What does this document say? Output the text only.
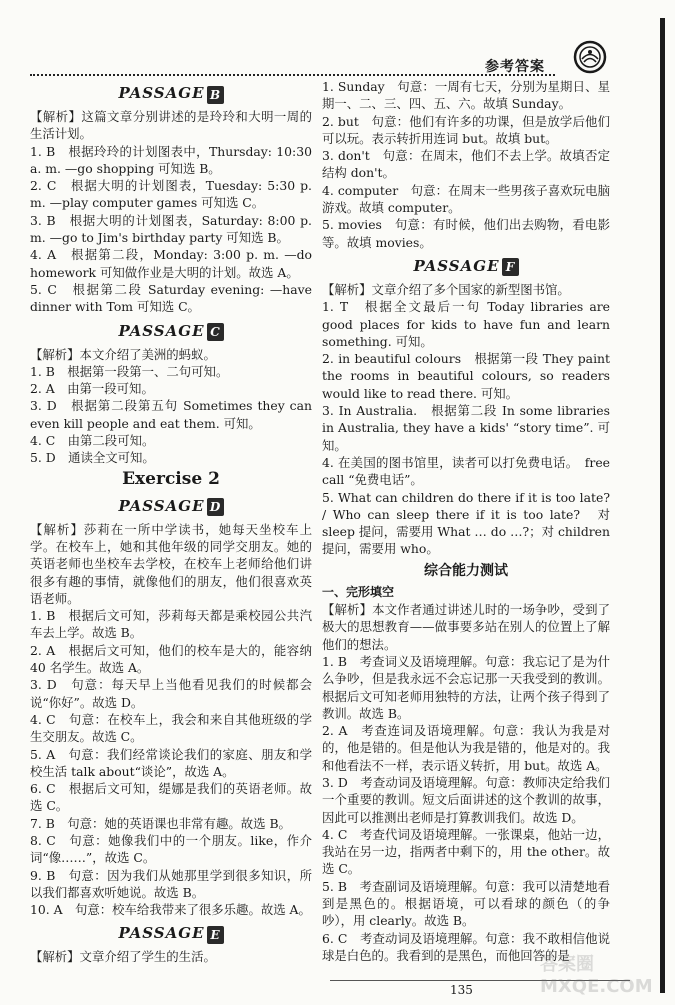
参考答案
PASSAGE B

【解析】这篇文章分别讲述的是玲玲和大明一周的生活计划。

1. B　根据玲玲的计划图表中，Thursday: 10:30 a. m. —go shopping 可知选 B。

2. C　根据大明的计划图表，Tuesday: 5:30 p. m. —play computer games 可知选 C。

3. B　根据大明的计划图表，Saturday: 8:00 p. m. —go to Jim's birthday party 可知选 B。

4. A　根据第二段，Monday: 3:00 p. m. —do homework 可知做作业是大明的计划。故选 A。

5. C　根据第二段 Saturday evening: —have dinner with Tom 可知选 C。

PASSAGE C

【解析】本文介绍了美洲的蚂蚁。

1. B　根据第一段第一、二句可知。

2. A　由第一段可知。

3. D　根据第二段第五句 Sometimes they can even kill people and eat them. 可知。

4. C　由第二段可知。

5. D　通读全文可知。

Exercise 2
PASSAGE D

【解析】莎莉在一所中学读书，她每天坐校车上学。在校车上，她和其他年级的同学交朋友。她的英语老师也坐校车去学校，在校车上老师给他们讲很多有趣的事情，就像他们的朋友，他们很喜欢英语老师。

1. B　根据后文可知，莎莉每天都是乘校园公共汽车去上学。故选 B。

2. A　根据后文可知，他们的校车是大的，能容纳 40 名学生。故选 A。

3. D　句意：每天早上当他看见我们的时候都会说“你好”。故选 D。

4. C　句意：在校车上，我会和来自其他班级的学生交朋友。故选 C。

5. A　句意：我们经常谈论我们的家庭、朋友和学校生活 talk about“谈论”，故选 A。

6. C　根据后文可知，缇娜是我们的英语老师。故选 C。

7. B　句意：她的英语课也非常有趣。故选 B。

8. C　句意：她像我们中的一个朋友。like，作介词“像……”，故选 C。

9. B　句意：因为我们从她那里学到很多知识，所以我们都喜欢听她说。故选 B。

10. A　句意：校车给我带来了很多乐趣。故选 A。

PASSAGE E

【解析】文章介绍了学生的生活。

1. Sunday　句意：一周有七天，分别为星期日、星期一、二、三、四、五、六。故填 Sunday。

2. but　句意：他们有许多的功课，但是放学后他们可以玩。表示转折用连词 but。故填 but。

3. don't　句意：在周末，他们不去上学。故填否定结构 don't。

4. computer　句意：在周末一些男孩子喜欢玩电脑游戏。故填 computer。

5. movies　句意：有时候，他们出去购物，看电影等。故填 movies。

PASSAGE F

【解析】文章介绍了多个国家的新型图书馆。

1. T　根据全文最后一句 Today libraries are good places for kids to have fun and learn something. 可知。

2. in beautiful colours　根据第一段 They paint the rooms in beautiful colours, so readers would like to read there. 可知。

3. In Australia.　根据第二段 In some libraries in Australia, they have a kids' “story time”. 可知。

4. 在美国的图书馆里，读者可以打免费电话。　free call “免费电话”。

5. What can children do there if it is too late? / Who can sleep there if it is too late?　对 sleep 提问，需要用 What … do …?；对 children 提问，需要用 who。

综合能力测试

一、完形填空

【解析】本文作者通过讲述儿时的一场争吵，受到了极大的思想教育——做事要多站在别人的位置上了解他们的想法。

1. B　考查词义及语境理解。句意：我忘记了是为什么争吵，但是我永远不会忘记那一天我受到的教训。根据后文可知老师用独特的方法，让两个孩子得到了教训。故选 B。

2. A　考查连词及语境理解。句意：我认为我是对的，他是错的。但是他认为我是错的，他是对的。我和他看法不一样，表示语义转折，用 but。故选 A。

3. D　考查动词及语境理解。句意：教师决定给我们一个重要的教训。短文后面讲述的这个教训的故事，因此可以推测出老师是打算教训我们。故选 D。

4. C　考查代词及语境理解。一张课桌，他站一边，我站在另一边，指两者中剩下的，用 the other。故选 C。

5. B　考查副词及语境理解。句意：我可以清楚地看到是黑色的。根据语境，可以看球的颜色（的争吵），用 clearly。故选 B。

6. C　考查动词及语境理解。句意：我不敢相信他说球是白色的。我看到的是黑色，而他回答的是

135
答案圈 MXQE.COM
